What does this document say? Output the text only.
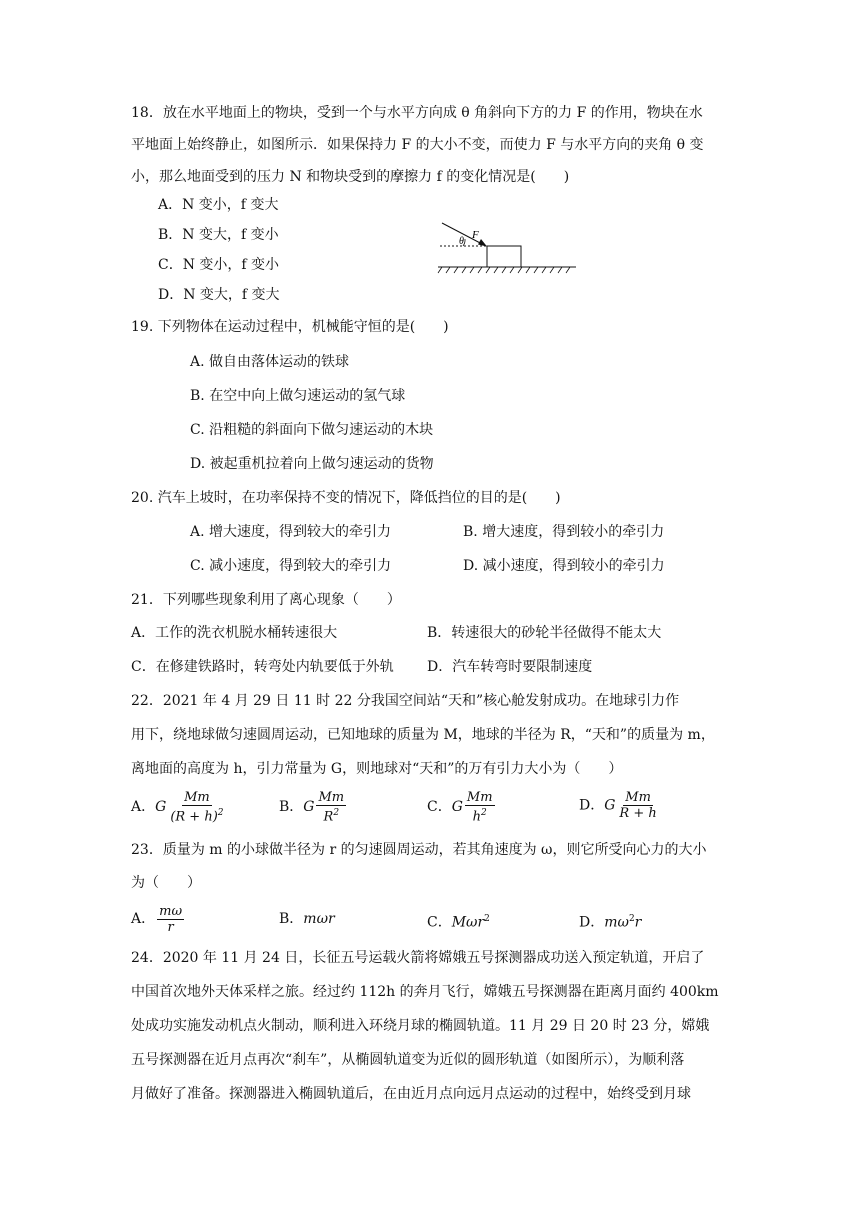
18．放在水平地面上的物块，受到一个与水平方向成 θ 角斜向下方的力 F 的作用，物块在水
平地面上始终静止，如图所示．如果保持力 F 的大小不变，而使力 F 与水平方向的夹角 θ 变
小，那么地面受到的压力 N 和物块受到的摩擦力 f 的变化情况是(　　)
A．N 变小，f 变大
B．N 变大，f 变小
C．N 变小，f 变小
D．N 变大，f 变大
F
θ
19. 下列物体在运动过程中，机械能守恒的是(　　)
A. 做自由落体运动的铁球
B. 在空中向上做匀速运动的氢气球
C. 沿粗糙的斜面向下做匀速运动的木块
D. 被起重机拉着向上做匀速运动的货物
20. 汽车上坡时，在功率保持不变的情况下，降低挡位的目的是(　　)
A. 增大速度，得到较大的牵引力	B. 增大速度，得到较小的牵引力
C. 减小速度，得到较大的牵引力	D. 减小速度，得到较小的牵引力
21．下列哪些现象利用了离心现象（　　）
A．工作的洗衣机脱水桶转速很大	B．转速很大的砂轮半径做得不能太大
C．在修建铁路时，转弯处内轨要低于外轨 D．汽车转弯时要限制速度
22．2021 年 4 月 29 日 11 时 22 分我国空间站“天和”核心舱发射成功。在地球引力作
用下，绕地球做匀速圆周运动，已知地球的质量为 M，地球的半径为 R，“天和”的质量为 m，
离地面的高度为 h，引力常量为 G，则地球对“天和”的万有引力大小为（　　）
A．G $\frac{Mm}{(R + h)^2}$	B．G $\frac{Mm}{R^2}$	C．G $\frac{Mm}{h^2}$	D．G $\frac{Mm}{R + h}$
23．质量为 m 的小球做半径为 r 的匀速圆周运动，若其角速度为 ω，则它所受向心力的大小
为（　　）
A． $\frac{m\omega}{r}$	B．mωr	C．Mωr$^2$	D．$m\omega^2r$
24．2020 年 11 月 24 日，长征五号运载火箭将嫦娥五号探测器成功送入预定轨道，开启了
中国首次地外天体采样之旅。经过约 112h 的奔月飞行，嫦娥五号探测器在距离月面约 400km
处成功实施发动机点火制动，顺利进入环绕月球的椭圆轨道。11 月 29 日 20 时 23 分，嫦娥
五号探测器在近月点再次“刹车”，从椭圆轨道变为近似的圆形轨道（如图所示），为顺利落
月做好了准备。探测器进入椭圆轨道后，在由近月点向远月点运动的过程中，始终受到月球
